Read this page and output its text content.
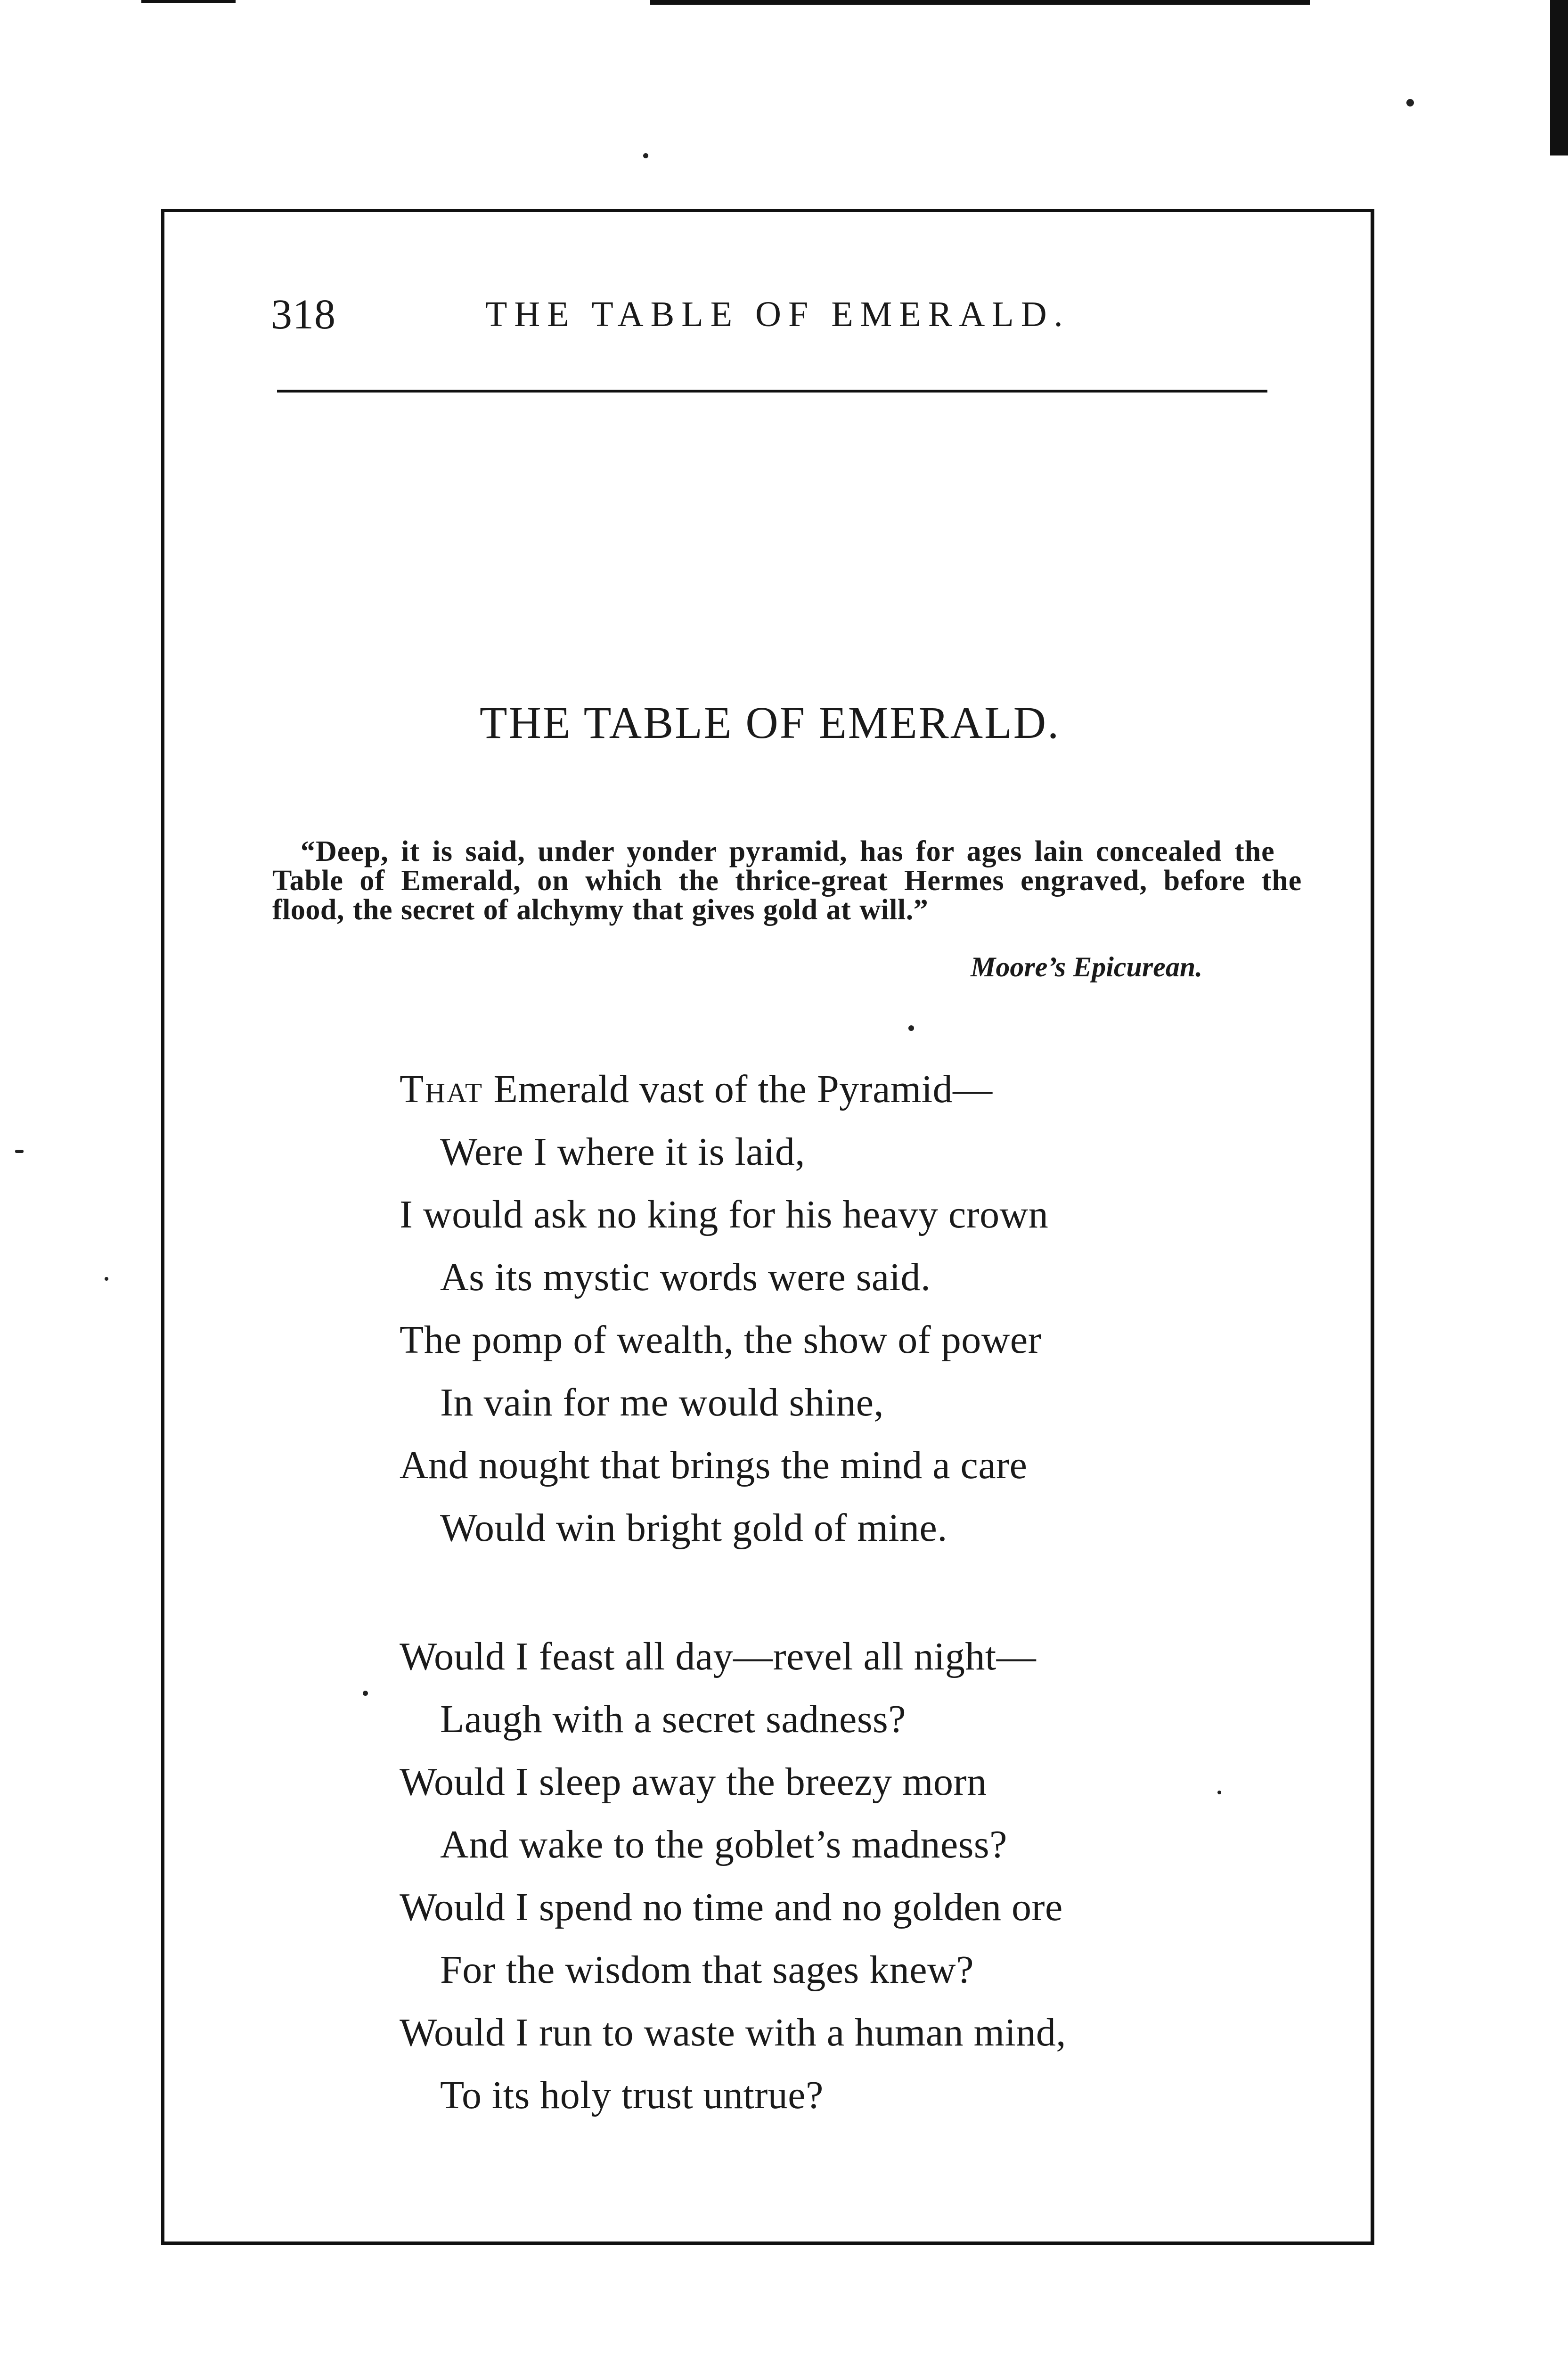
318	THE TABLE OF EMERALD.
THE TABLE OF EMERALD.
“Deep, it is said, under yonder pyramid, has for ages lain concealed the
Table of Emerald, on which the thrice-great Hermes engraved, before the
flood, the secret of alchymy that gives gold at will.”
Moore’s Epicurean.
That Emerald vast of the Pyramid—
Were I where it is laid,
I would ask no king for his heavy crown
As its mystic words were said.
The pomp of wealth, the show of power
In vain for me would shine,
And nought that brings the mind a care
Would win bright gold of mine.
Would I feast all day—revel all night—
Laugh with a secret sadness?
Would I sleep away the breezy morn
And wake to the goblet’s madness?
Would I spend no time and no golden ore
For the wisdom that sages knew?
Would I run to waste with a human mind,
To its holy trust untrue?
